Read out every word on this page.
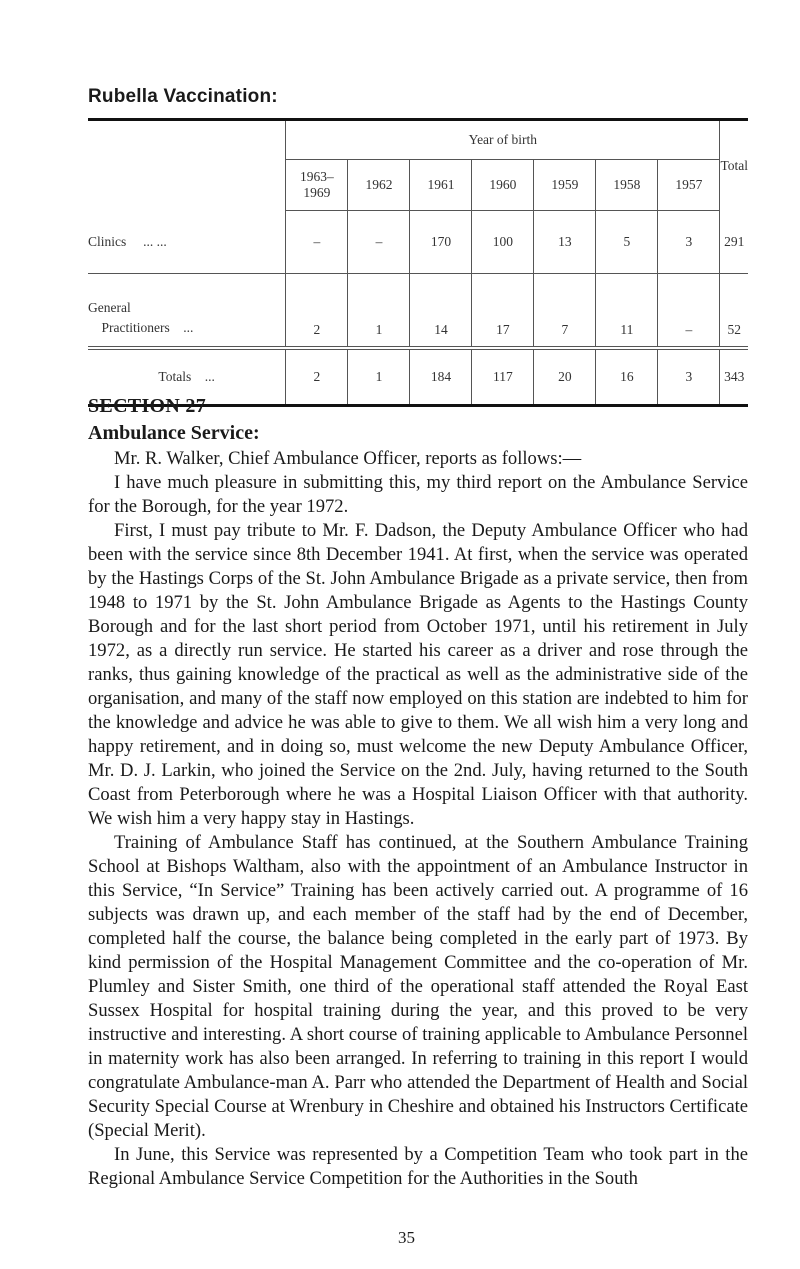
Rubella Vaccination:
	Year of birth							Total
	1963–
1969	1962	1961	1960	1959	1958	1957	
Clinics ... ...	–	–	170	100	13	5	3	291
General
Practitioners ...	2	1	14	17	7	11	–	52
Totals ...	2	1	184	117	20	16	3	343
SECTION 27
Ambulance Service:

Mr. R. Walker, Chief Ambulance Officer, reports as follows:—

I have much pleasure in submitting this, my third report on the Ambulance Service for the Borough, for the year 1972.

First, I must pay tribute to Mr. F. Dadson, the Deputy Ambulance Officer who had been with the service since 8th December 1941. At first, when the service was operated by the Hastings Corps of the St. John Ambulance Brigade as a private service, then from 1948 to 1971 by the St. John Ambulance Brigade as Agents to the Hastings County Borough and for the last short period from October 1971, until his retirement in July 1972, as a directly run service. He started his career as a driver and rose through the ranks, thus gaining knowledge of the practical as well as the administrative side of the organisation, and many of the staff now employed on this station are indebted to him for the knowledge and advice he was able to give to them. We all wish him a very long and happy retirement, and in doing so, must welcome the new Deputy Ambulance Officer, Mr. D. J. Larkin, who joined the Service on the 2nd. July, having returned to the South Coast from Peterborough where he was a Hospital Liaison Officer with that authority. We wish him a very happy stay in Hastings.

Training of Ambulance Staff has continued, at the Southern Ambulance Training School at Bishops Waltham, also with the appointment of an Ambulance Instructor in this Service, “In Service” Training has been actively carried out. A programme of 16 subjects was drawn up, and each member of the staff had by the end of December, completed half the course, the balance being completed in the early part of 1973. By kind permission of the Hospital Management Committee and the co-operation of Mr. Plumley and Sister Smith, one third of the operational staff attended the Royal East Sussex Hospital for hospital training during the year, and this proved to be very instructive and interesting. A short course of training applicable to Ambulance Personnel in maternity work has also been arranged. In referring to training in this report I would congratulate Ambulance-man A. Parr who attended the Department of Health and Social Security Special Course at Wrenbury in Cheshire and obtained his Instructors Certificate (Special Merit).

In June, this Service was represented by a Competition Team who took part in the Regional Ambulance Service Competition for the Authorities in the South

35
